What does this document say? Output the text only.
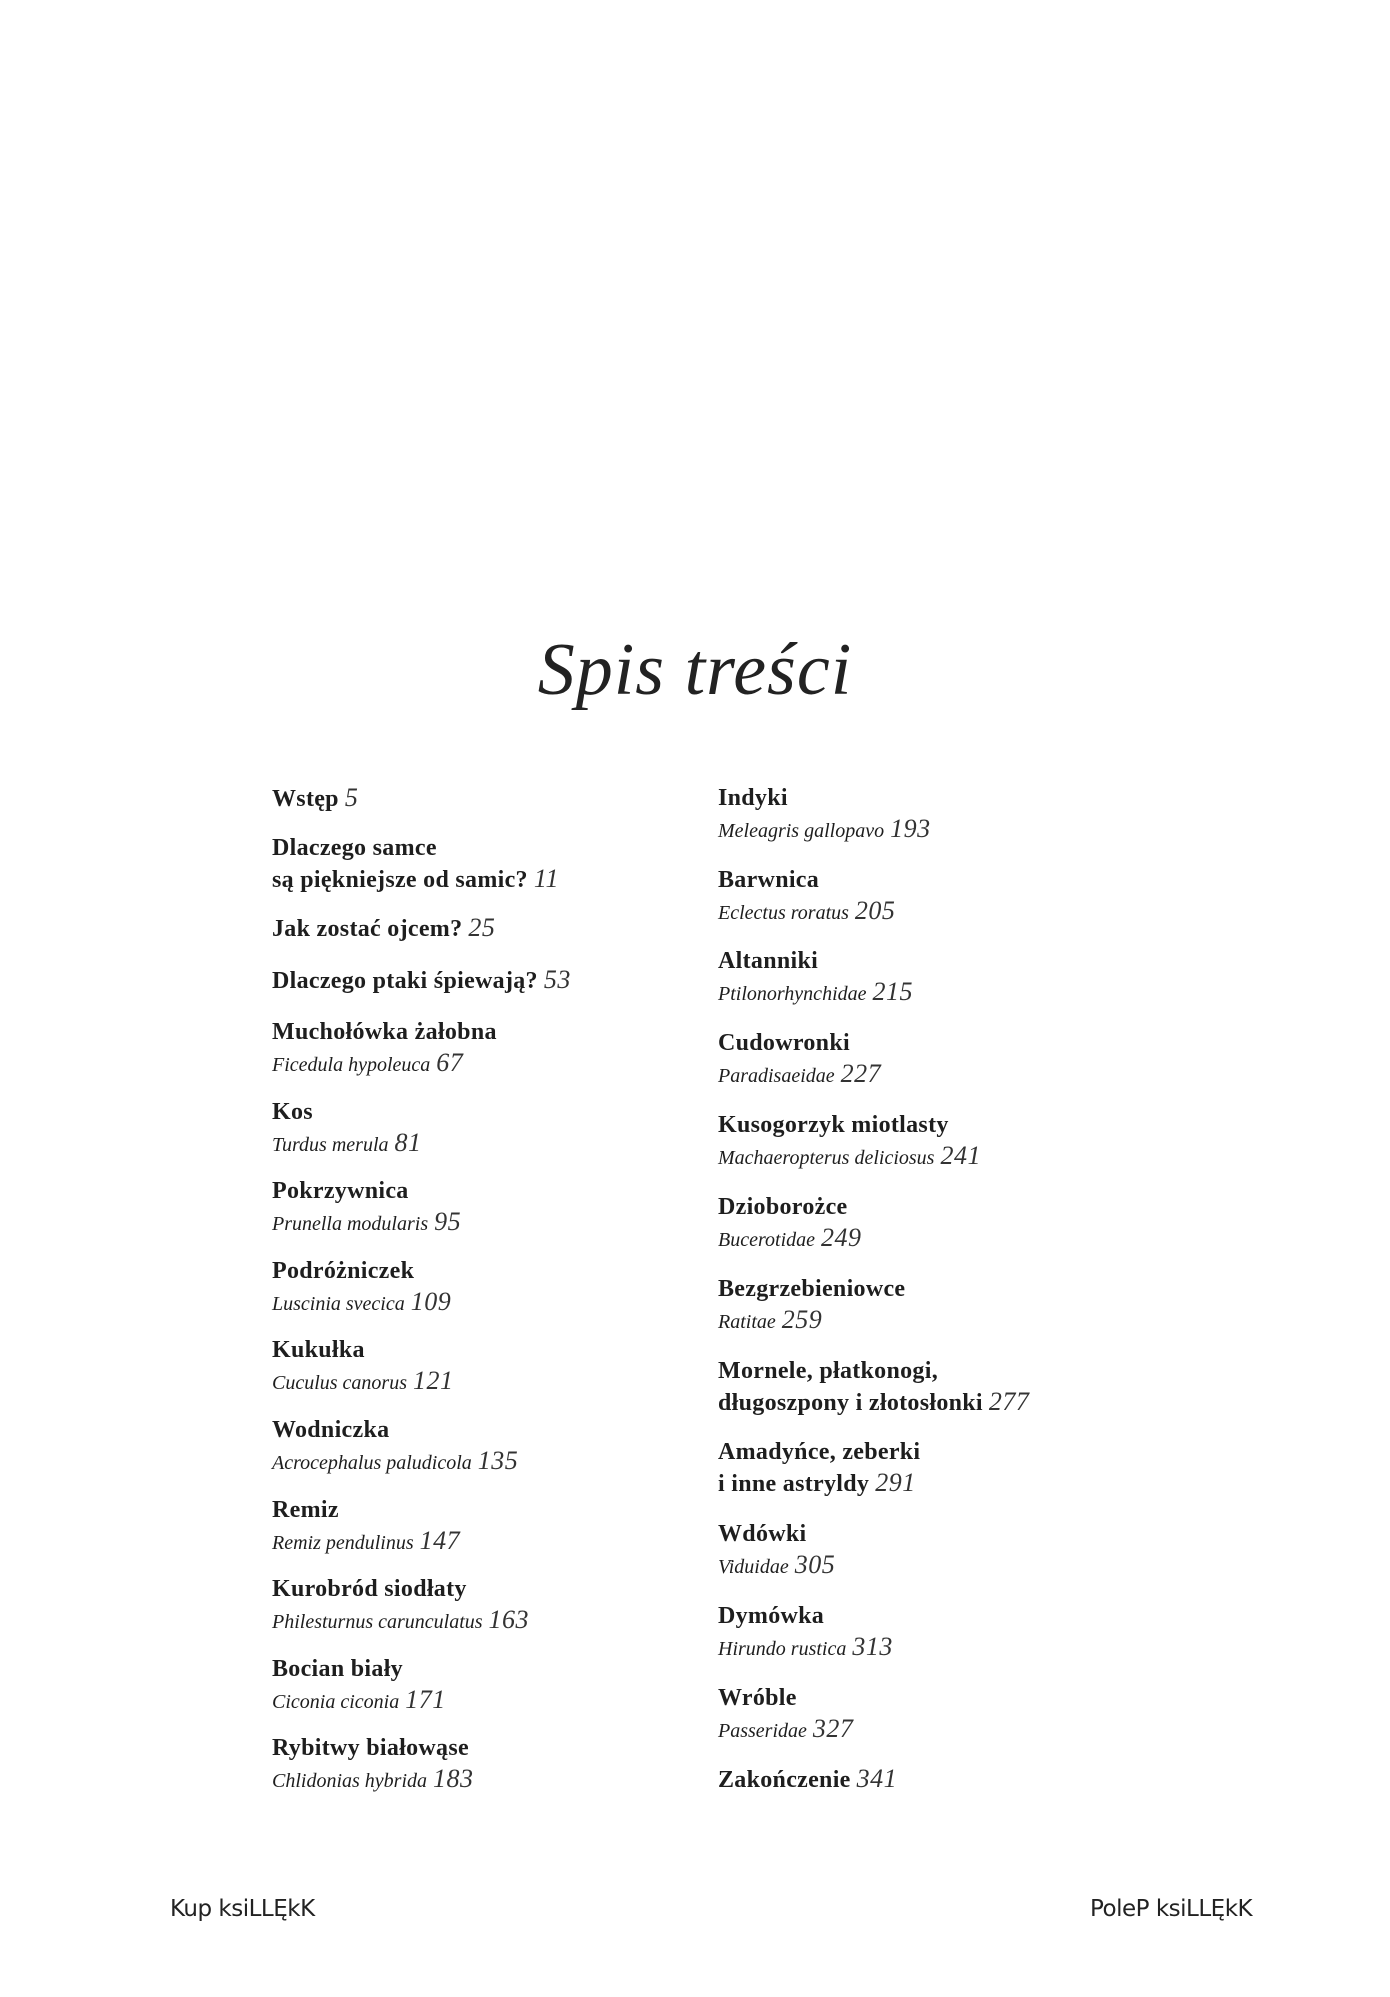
Spis treści
Wstęp 5
Dlaczego samce
są piękniejsze od samic? 11
Jak zostać ojcem? 25
Dlaczego ptaki śpiewają? 53
Muchołówka żałobna
Ficedula hypoleuca 67
Kos
Turdus merula 81
Pokrzywnica
Prunella modularis 95
Podróżniczek
Luscinia svecica 109
Kukułka
Cuculus canorus 121
Wodniczka
Acrocephalus paludicola 135
Remiz
Remiz pendulinus 147
Kurobród siodłaty
Philesturnus carunculatus 163
Bocian biały
Ciconia ciconia 171
Rybitwy białowąse
Chlidonias hybrida 183
Indyki
Meleagris gallopavo 193
Barwnica
Eclectus roratus 205
Altanniki
Ptilonorhynchidae 215
Cudowronki
Paradisaeidae 227
Kusogorzyk miotlasty
Machaeropterus deliciosus 241
Dzioborożce
Bucerotidae 249
Bezgrzebieniowce
Ratitae 259
Mornele, płatkonogi,
długoszpony i złotosłonki 277
Amadyńce, zeberki
i inne astryldy 291
Wdówki
Viduidae 305
Dymówka
Hirundo rustica 313
Wróble
Passeridae 327
Zakończenie 341
Kup ksiLLĘkK	PoleP ksiLLĘkK
